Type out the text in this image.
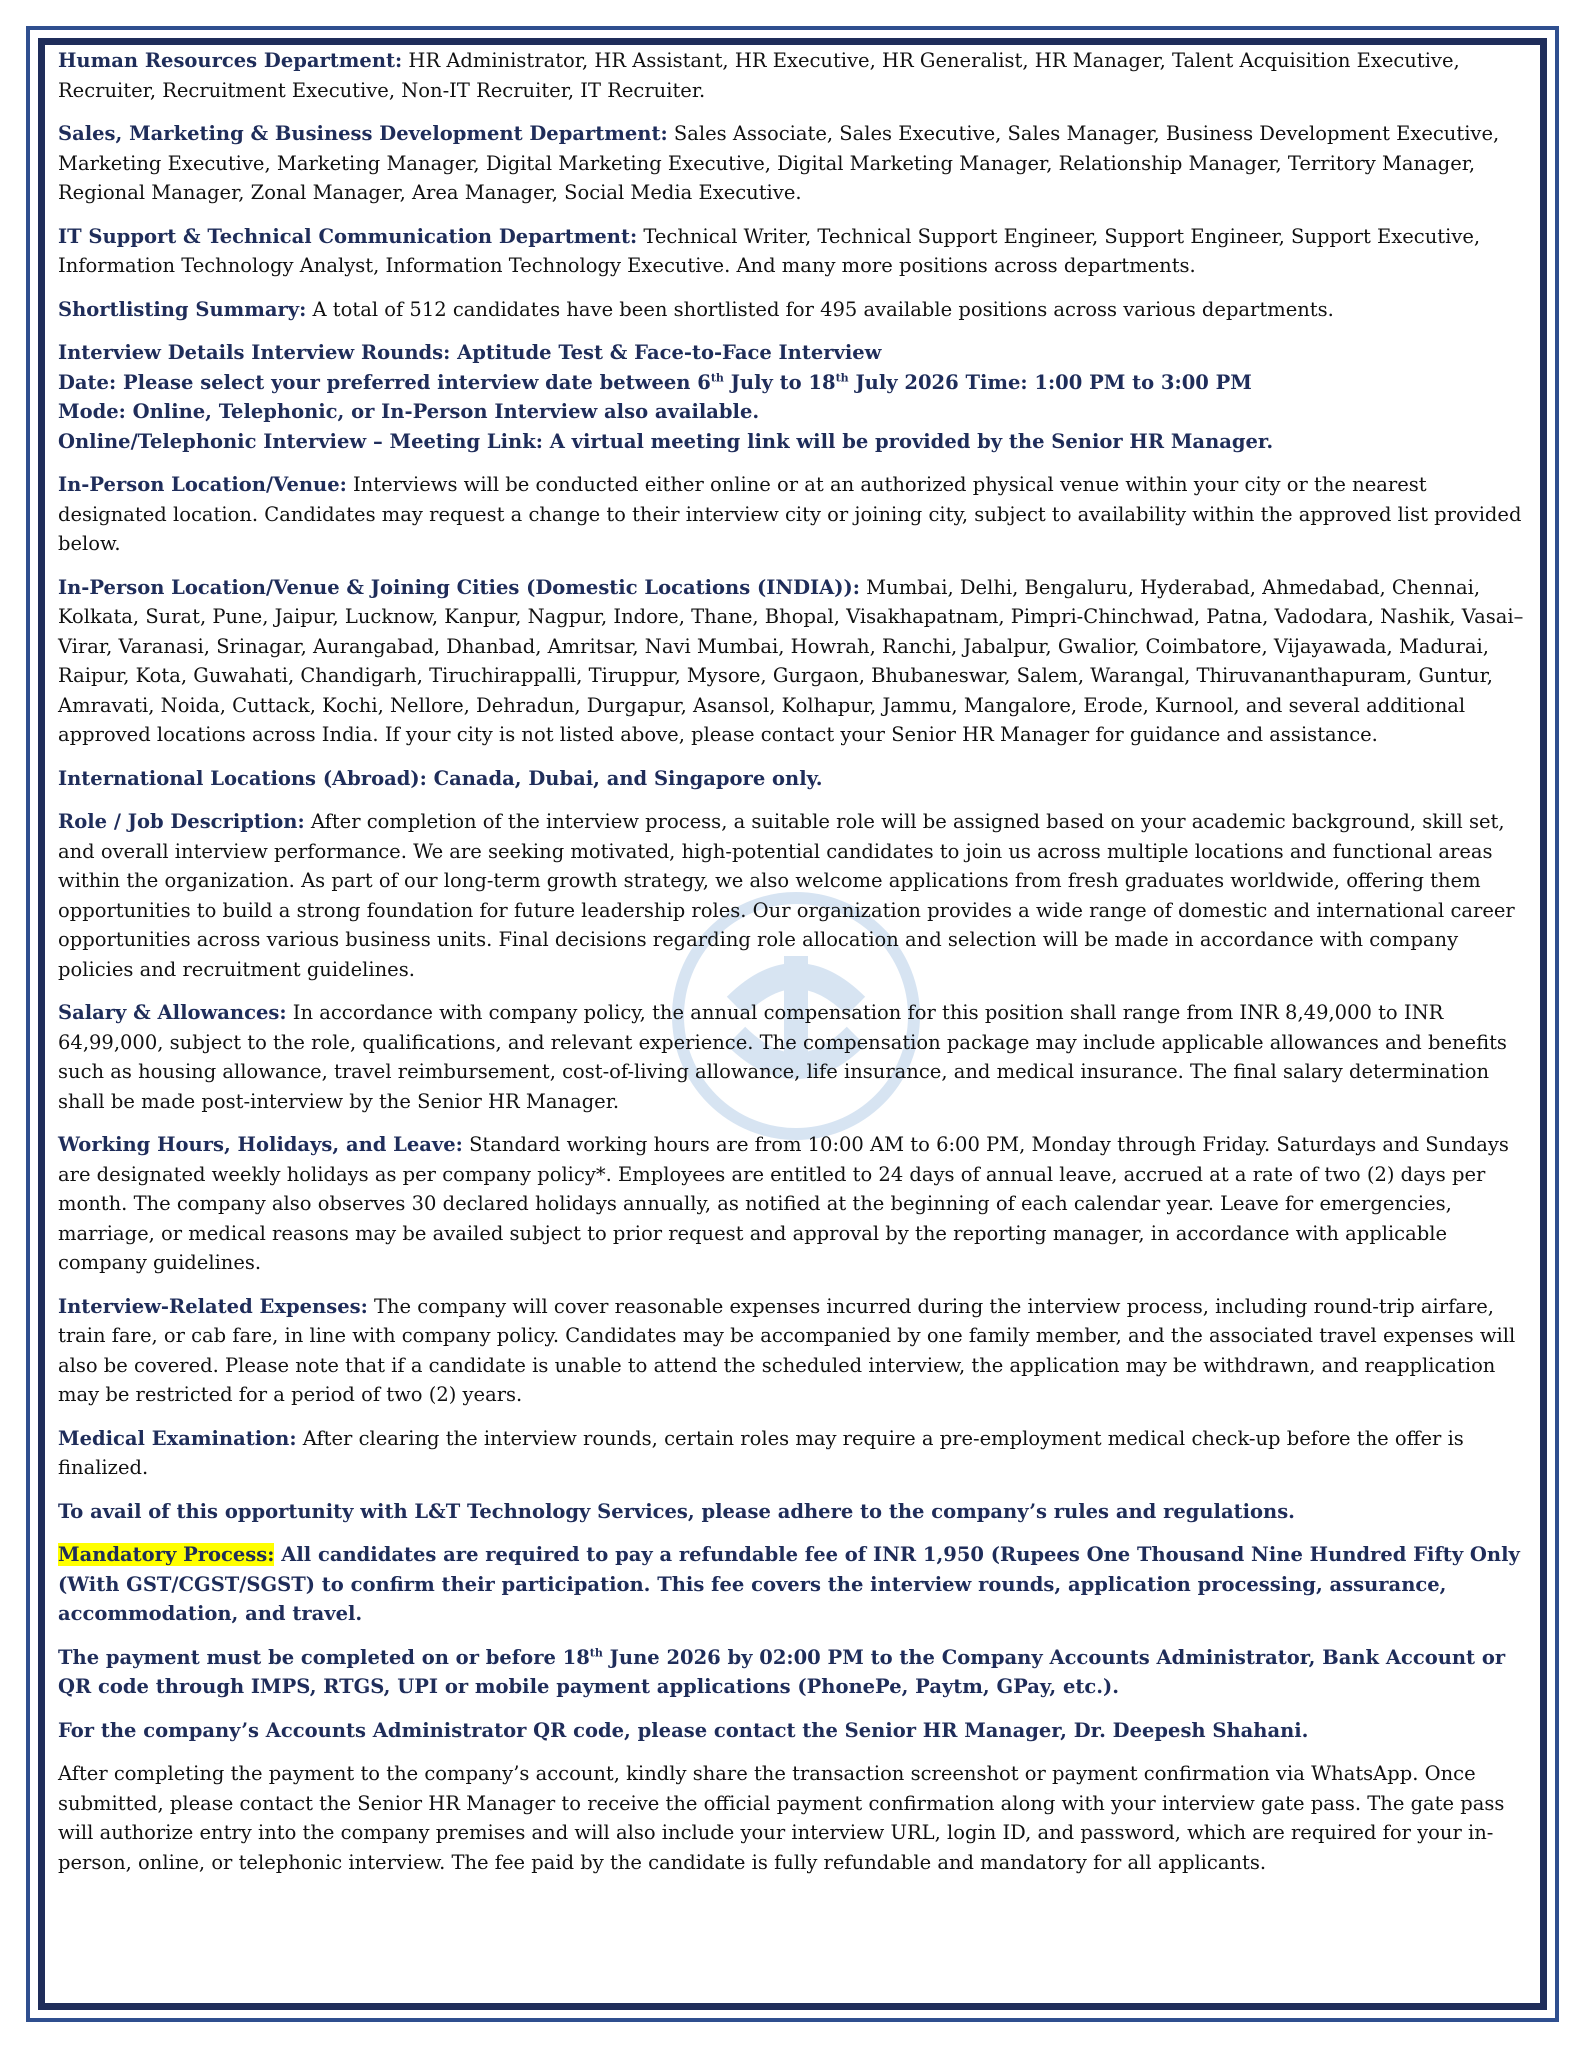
Human Resources Department: HR Administrator, HR Assistant, HR Executive, HR Generalist, HR Manager, Talent Acquisition Executive, Recruiter, Recruitment Executive, Non-IT Recruiter, IT Recruiter.

Sales, Marketing & Business Development Department: Sales Associate, Sales Executive, Sales Manager, Business Development Executive, Marketing Executive, Marketing Manager, Digital Marketing Executive, Digital Marketing Manager, Relationship Manager, Territory Manager, Regional Manager, Zonal Manager, Area Manager, Social Media Executive.

IT Support & Technical Communication Department: Technical Writer, Technical Support Engineer, Support Engineer, Support Executive, Information Technology Analyst, Information Technology Executive. And many more positions across departments.

Shortlisting Summary: A total of 512 candidates have been shortlisted for 495 available positions across various departments.

Interview Details Interview Rounds: Aptitude Test & Face-to-Face Interview
Date: Please select your preferred interview date between 6th July to 18th July 2026 Time: 1:00 PM to 3:00 PM
Mode: Online, Telephonic, or In-Person Interview also available.
Online/Telephonic Interview – Meeting Link: A virtual meeting link will be provided by the Senior HR Manager.

In-Person Location/Venue: Interviews will be conducted either online or at an authorized physical venue within your city or the nearest designated location. Candidates may request a change to their interview city or joining city, subject to availability within the approved list provided below.

In-Person Location/Venue & Joining Cities (Domestic Locations (INDIA)): Mumbai, Delhi, Bengaluru, Hyderabad, Ahmedabad, Chennai, Kolkata, Surat, Pune, Jaipur, Lucknow, Kanpur, Nagpur, Indore, Thane, Bhopal, Visakhapatnam, Pimpri-Chinchwad, Patna, Vadodara, Nashik, Vasai–Virar, Varanasi, Srinagar, Aurangabad, Dhanbad, Amritsar, Navi Mumbai, Howrah, Ranchi, Jabalpur, Gwalior, Coimbatore, Vijayawada, Madurai, Raipur, Kota, Guwahati, Chandigarh, Tiruchirappalli, Tiruppur, Mysore, Gurgaon, Bhubaneswar, Salem, Warangal, Thiruvananthapuram, Guntur, Amravati, Noida, Cuttack, Kochi, Nellore, Dehradun, Durgapur, Asansol, Kolhapur, Jammu, Mangalore, Erode, Kurnool, and several additional approved locations across India. If your city is not listed above, please contact your Senior HR Manager for guidance and assistance.

International Locations (Abroad): Canada, Dubai, and Singapore only.

Role / Job Description: After completion of the interview process, a suitable role will be assigned based on your academic background, skill set, and overall interview performance. We are seeking motivated, high-potential candidates to join us across multiple locations and functional areas within the organization. As part of our long-term growth strategy, we also welcome applications from fresh graduates worldwide, offering them opportunities to build a strong foundation for future leadership roles. Our organization provides a wide range of domestic and international career opportunities across various business units. Final decisions regarding role allocation and selection will be made in accordance with company policies and recruitment guidelines.

Salary & Allowances: In accordance with company policy, the annual compensation for this position shall range from INR 8,49,000 to INR 64,99,000, subject to the role, qualifications, and relevant experience. The compensation package may include applicable allowances and benefits such as housing allowance, travel reimbursement, cost-of-living allowance, life insurance, and medical insurance. The final salary determination shall be made post-interview by the Senior HR Manager.

Working Hours, Holidays, and Leave: Standard working hours are from 10:00 AM to 6:00 PM, Monday through Friday. Saturdays and Sundays are designated weekly holidays as per company policy*. Employees are entitled to 24 days of annual leave, accrued at a rate of two (2) days per month. The company also observes 30 declared holidays annually, as notified at the beginning of each calendar year. Leave for emergencies, marriage, or medical reasons may be availed subject to prior request and approval by the reporting manager, in accordance with applicable company guidelines.

Interview-Related Expenses: The company will cover reasonable expenses incurred during the interview process, including round-trip airfare, train fare, or cab fare, in line with company policy. Candidates may be accompanied by one family member, and the associated travel expenses will also be covered. Please note that if a candidate is unable to attend the scheduled interview, the application may be withdrawn, and reapplication may be restricted for a period of two (2) years.

Medical Examination: After clearing the interview rounds, certain roles may require a pre-employment medical check-up before the offer is finalized.

To avail of this opportunity with L&T Technology Services, please adhere to the company’s rules and regulations.

Mandatory Process: All candidates are required to pay a refundable fee of INR 1,950 (Rupees One Thousand Nine Hundred Fifty Only (With GST/CGST/SGST) to confirm their participation. This fee covers the interview rounds, application processing, assurance, accommodation, and travel.

The payment must be completed on or before 18th June 2026 by 02:00 PM to the Company Accounts Administrator, Bank Account or QR code through IMPS, RTGS, UPI or mobile payment applications (PhonePe, Paytm, GPay, etc.).

For the company’s Accounts Administrator QR code, please contact the Senior HR Manager, Dr. Deepesh Shahani.

After completing the payment to the company’s account, kindly share the transaction screenshot or payment confirmation via WhatsApp. Once submitted, please contact the Senior HR Manager to receive the official payment confirmation along with your interview gate pass. The gate pass will authorize entry into the company premises and will also include your interview URL, login ID, and password, which are required for your in-person, online, or telephonic interview. The fee paid by the candidate is fully refundable and mandatory for all applicants.
